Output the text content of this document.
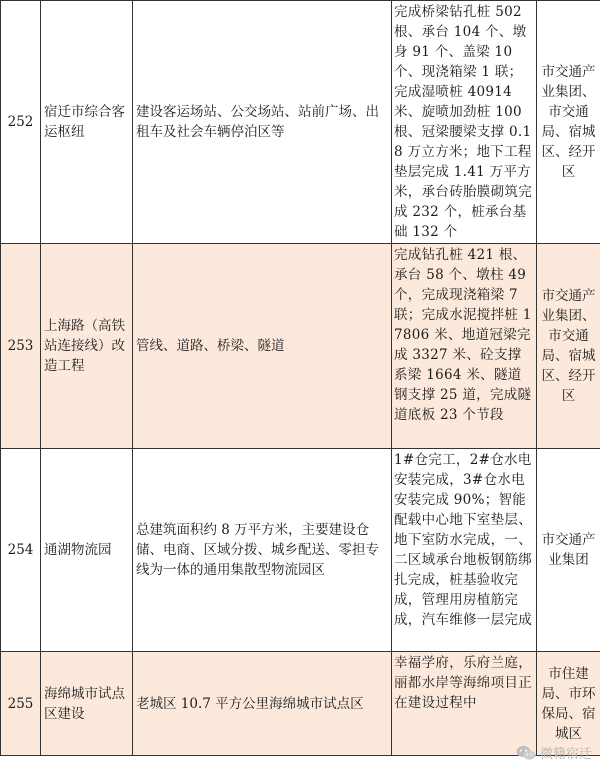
252	宿迁市综合客运枢纽	建设客运场站、公交场站、站前广场、出租车及社会车辆停泊区等	完成桥梁钻孔桩 502 根、承台 104 个、墩身 91 个、盖梁 10 个、现浇箱梁 1 联；完成湿喷桩 40914 米、旋喷加劲桩 100 根、冠梁腰梁支撑 0.18 万立方米；地下工程垫层完成 1.41 万平方米，承台砖胎膜砌筑完成 232 个，桩承台基础 132 个	市交通产业集团、市交通局、宿城区、经开区
253	上海路（高铁站连接线）改造工程	管线、道路、桥梁、隧道	完成钻孔桩 421 根、承台 58 个、墩柱 49 个，完成现浇箱梁 7 联；完成水泥搅拌桩 17806 米、地道冠梁完成 3327 米、砼支撑系梁 1664 米、隧道钢支撑 25 道，完成隧道底板 23 个节段	市交通产业集团、市交通局、宿城区、经开区
254	通湖物流园	总建筑面积约 8 万平方米，主要建设仓储、电商、区域分拨、城乡配送、零担专线为一体的通用集散型物流园区	1#仓完工，2#仓水电安装完成，3#仓水电安装完成 90%；智能配载中心地下室垫层、地下室防水完成，一、二区域承台地板钢筋绑扎完成，桩基验收完成，管理用房植筋完成，汽车维修一层完成	市交通产业集团
255	海绵城市试点区建设	老城区 10.7 平方公里海绵城市试点区	幸福学府，乐府兰庭，丽都水岸等海绵项目正在建设过程中	市住建局、市环保局、宿城区
微籍宿迁
